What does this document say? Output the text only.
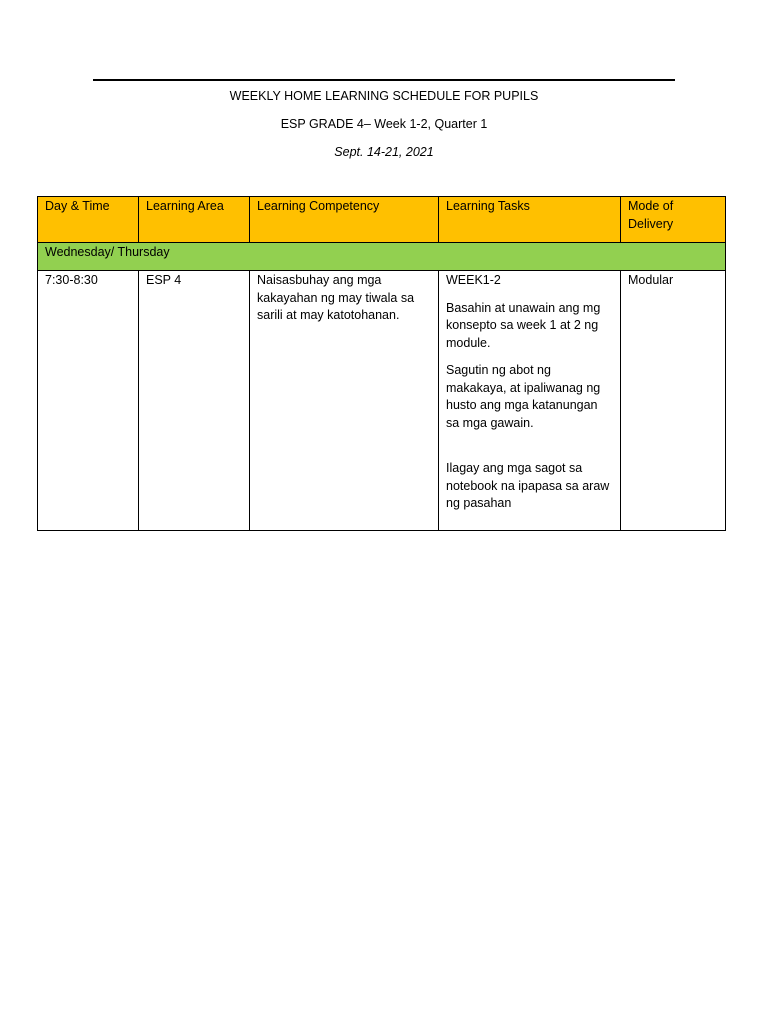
WEEKLY HOME LEARNING SCHEDULE FOR PUPILS
ESP GRADE 4– Week 1-2, Quarter 1
Sept. 14-21, 2021
Day & Time	Learning Area	Learning Competency	Learning Tasks	Mode of Delivery
Wednesday/ Thursday				
7:30-8:30	ESP 4	Naisasbuhay ang mga kakayahan ng may tiwala sa sarili at may katotohanan.	WEEK1-2

Basahin at unawain ang mg konsepto sa week 1 at 2 ng module.

Sagutin ng abot ng makakaya, at ipaliwanag ng husto ang mga katanungan sa mga gawain.

Ilagay ang mga sagot sa notebook na ipapasa sa araw ng pasahan	Modular
